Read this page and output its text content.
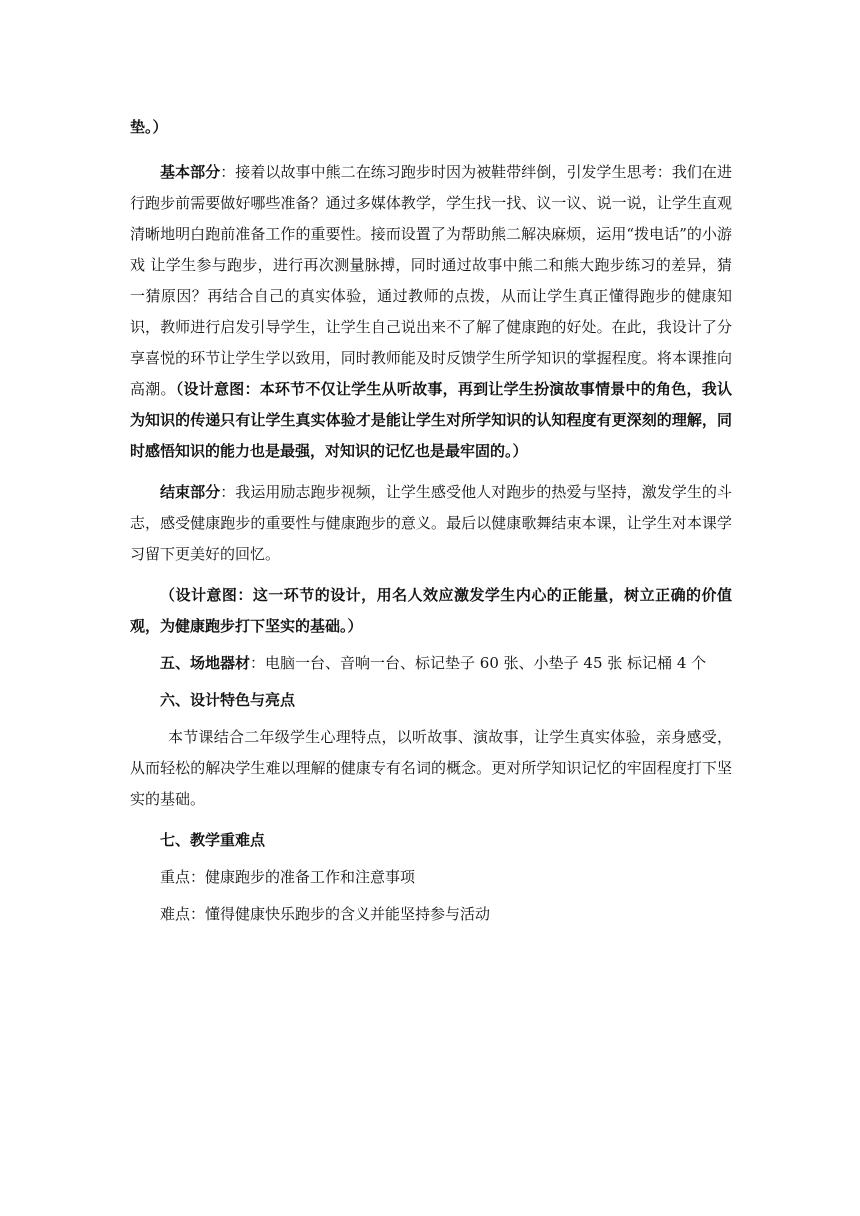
垫。）

基本部分：接着以故事中熊二在练习跑步时因为被鞋带绊倒，引发学生思考：我们在进行跑步前需要做好哪些准备？通过多媒体教学，学生找一找、议一议、说一说，让学生直观清晰地明白跑前准备工作的重要性。接而设置了为帮助熊二解决麻烦，运用“拨电话”的小游戏 让学生参与跑步，进行再次测量脉搏，同时通过故事中熊二和熊大跑步练习的差异，猜一猜原因？再结合自己的真实体验，通过教师的点拨，从而让学生真正懂得跑步的健康知识，教师进行启发引导学生，让学生自己说出来不了解了健康跑的好处。在此，我设计了分享喜悦的环节让学生学以致用，同时教师能及时反馈学生所学知识的掌握程度。将本课推向高潮。（设计意图：本环节不仅让学生从听故事，再到让学生扮演故事情景中的角色，我认为知识的传递只有让学生真实体验才是能让学生对所学知识的认知程度有更深刻的理解，同时感悟知识的能力也是最强，对知识的记忆也是最牢固的。）

结束部分：我运用励志跑步视频，让学生感受他人对跑步的热爱与坚持，激发学生的斗志，感受健康跑步的重要性与健康跑步的意义。最后以健康歌舞结束本课，让学生对本课学习留下更美好的回忆。

（设计意图：这一环节的设计，用名人效应激发学生内心的正能量，树立正确的价值观，为健康跑步打下坚实的基础。）

五、场地器材：电脑一台、音响一台、标记垫子 60 张、小垫子 45 张 标记桶 4 个

六、设计特色与亮点

本节课结合二年级学生心理特点，以听故事、演故事，让学生真实体验，亲身感受，从而轻松的解决学生难以理解的健康专有名词的概念。更对所学知识记忆的牢固程度打下坚实的基础。

七、教学重难点

重点：健康跑步的准备工作和注意事项

难点：懂得健康快乐跑步的含义并能坚持参与活动
